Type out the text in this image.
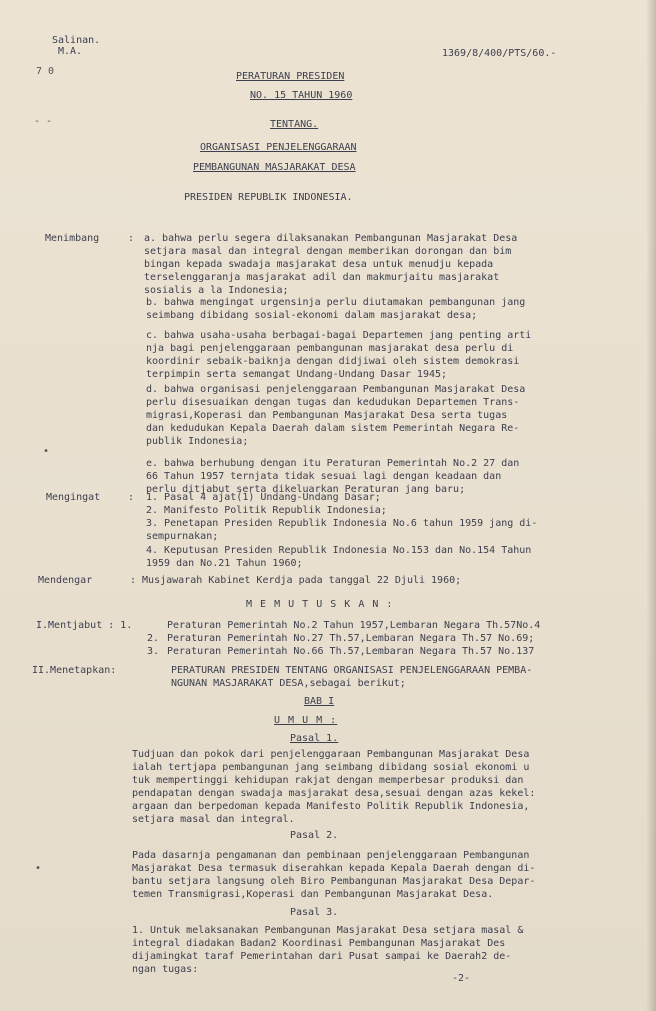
Salinan.
M.A.	1369/8/400/PTS/60.-
PERATURAN PRESIDEN
NO. 15 TAHUN 1960
TENTANG.
ORGANISASI PENJELENGGARAAN
PEMBANGUNAN MASJARAKAT DESA
PRESIDEN REPUBLIK INDONESIA.
Menimbang	: a. bahwa perlu segera dilaksanakan Pembangunan Masjarakat Desa
setjara masal dan integral dengan memberikan dorongan dan bim
bingan kepada swadaja masjarakat desa untuk menudju kepada
terselenggaranja masjarakat adil dan makmurjaitu masjarakat
sosialis a la Indonesia;
b. bahwa mengingat urgensinja perlu diutamakan pembangunan jang
seimbang dibidang sosial-ekonomi dalam masjarakat desa;
c. bahwa usaha-usaha berbagai-bagai Departemen jang penting arti
nja bagi penjelenggaraan pembangunan masjarakat desa perlu di
koordinir sebaik-baiknja dengan didjiwai oleh sistem demokrasi
terpimpin serta semangat Undang-Undang Dasar 1945;
d. bahwa organisasi penjelenggaraan Pembangunan Masjarakat Desa
perlu disesuaikan dengan tugas dan kedudukan Departemen Trans-
migrasi,Koperasi dan Pembangunan Masjarakat Desa serta tugas
dan kedudukan Kepala Daerah dalam sistem Pemerintah Negara Re-
publik Indonesia;
e. bahwa berhubung dengan itu Peraturan Pemerintah No.2 27 dan
66 Tahun 1957 ternjata tidak sesuai lagi dengan keadaan dan
perlu ditjabut serta dikeluarkan Peraturan jang baru;
Mengingat	: 1. Pasal 4 ajat(1) Undang-Undang Dasar;
2. Manifesto Politik Republik Indonesia;
3. Penetapan Presiden Republik Indonesia No.6 tahun 1959 jang di-
sempurnakan;
4. Keputusan Presiden Republik Indonesia No.153 dan No.154 Tahun
1959 dan No.21 Tahun 1960;
Mendengar	: Musjawarah Kabinet Kerdja pada tanggal 22 Djuli 1960;
M E M U T U S K A N :
I.Mentjabut : 1.	Peraturan Pemerintah No.2 Tahun 1957,Lembaran Negara Th.57No.4
2. Peraturan Pemerintah No.27 Th.57,Lembaran Negara Th.57 No.69;
3. Peraturan Pemerintah No.66 Th.57,Lembaran Negara Th.57 No.137
II.Menetapkan:	PERATURAN PRESIDEN TENTANG ORGANISASI PENJELENGGARAAN PEMBA-
NGUNAN MASJARAKAT DESA,sebagai berikut;
BAB I
U M U M :
Pasal 1.
Tudjuan dan pokok dari penjelenggaraan Pembangunan Masjarakat Desa
ialah tertjapa pembangunan jang seimbang dibidang sosial ekonomi u
tuk mempertinggi kehidupan rakjat dengan memperbesar produksi dan
pendapatan dengan swadaja masjarakat desa,sesuai dengan azas kekel:
argaan dan berpedoman kepada Manifesto Politik Republik Indonesia,
setjara masal dan integral.
Pasal 2.
Pada dasarnja pengamanan dan pembinaan penjelenggaraan Pembangunan
Masjarakat Desa termasuk diserahkan kepada Kepala Daerah dengan di-
bantu setjara langsung oleh Biro Pembangunan Masjarakat Desa Depar-
temen Transmigrasi,Koperasi dan Pembangunan Masjarakat Desa.
Pasal 3.
1. Untuk melaksanakan Pembangunan Masjarakat Desa setjara masal &
integral diadakan Badan2 Koordinasi Pembangunan Masjarakat Des
dijamingkat taraf Pemerintahan dari Pusat sampai ke Daerah2 de-
ngan tugas:
-2-
7 0
- -
•
•
